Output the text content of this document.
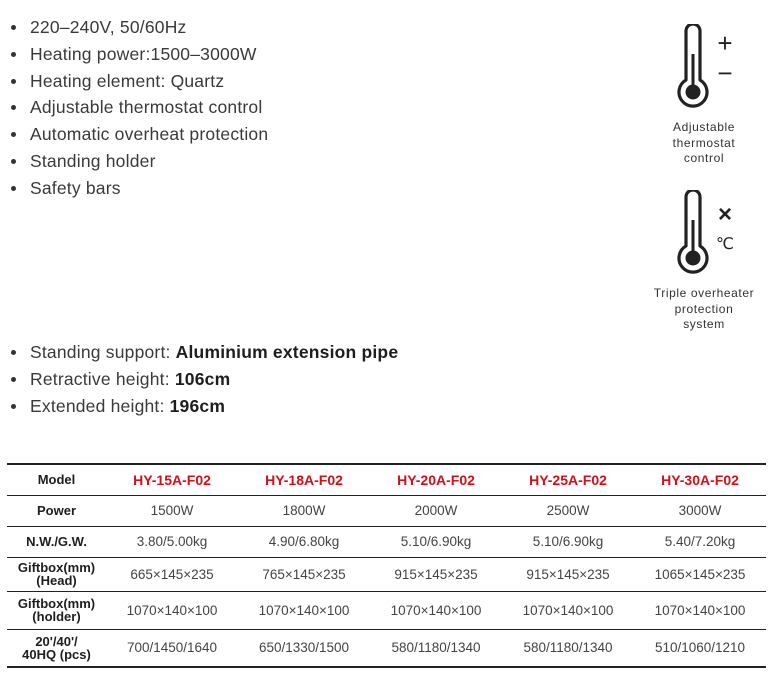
220–240V, 50/60Hz
Heating power:1500–3000W
Heating element: Quartz
Adjustable thermostat control
Automatic overheat protection
Standing holder
Safety bars
+
−
Adjustable
thermostat
control
×
℃
Triple overheater
protection
system
Standing support: Aluminium extension pipe
Retractive height: 106cm
Extended height: 196cm
Model	HY-15A-F02	HY-18A-F02	HY-20A-F02	HY-25A-F02	HY-30A-F02
Power	1500W	1800W	2000W	2500W	3000W
N.W./G.W.	3.80/5.00kg	4.90/6.80kg	5.10/6.90kg	5.10/6.90kg	5.40/7.20kg

Giftbox(mm)
(Head)	665×145×235	765×145×235	915×145×235	915×145×235	1065×145×235

Giftbox(mm)
(holder)	1070×140×100	1070×140×100	1070×140×100	1070×140×100	1070×140×100

20'/40'/
40HQ (pcs)	700/1450/1640	650/1330/1500	580/1180/1340	580/1180/1340	510/1060/1210
